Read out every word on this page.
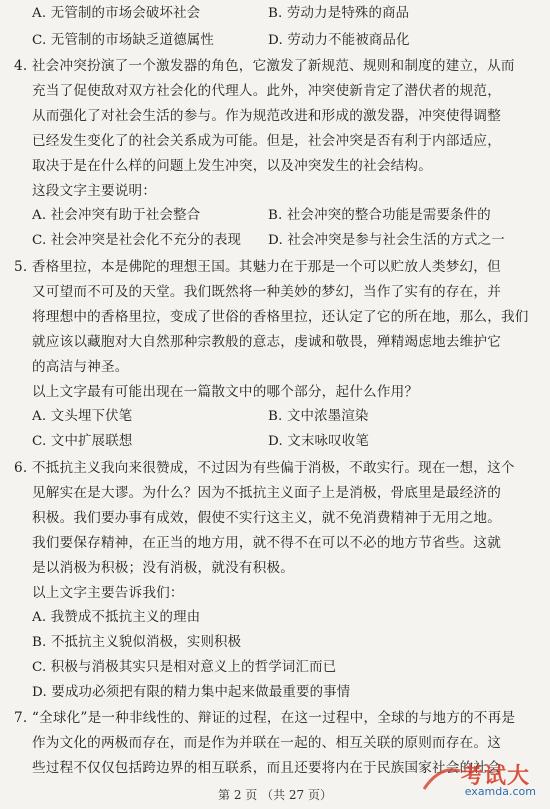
A. 无管制的市场会破坏社会	B. 劳动力是特殊的商品
C. 无管制的市场缺乏道德属性	D. 劳动力不能被商品化
4. 社会冲突扮演了一个激发器的角色，它激发了新规范、规则和制度的建立，从而
充当了促使敌对双方社会化的代理人。此外，冲突使新肯定了潜伏者的规范，
从而强化了对社会生活的参与。作为规范改进和形成的激发器，冲突使得调整
已经发生变化了的社会关系成为可能。但是，社会冲突是否有利于内部适应，
取决于是在什么样的问题上发生冲突，以及冲突发生的社会结构。
这段文字主要说明：
A. 社会冲突有助于社会整合	B. 社会冲突的整合功能是需要条件的
C. 社会冲突是社会化不充分的表现 D. 社会冲突是参与社会生活的方式之一
5. 香格里拉，本是佛陀的理想王国。其魅力在于那是一个可以贮放人类梦幻，但
又可望而不可及的天堂。我们既然将一种美妙的梦幻，当作了实有的存在，并
将理想中的香格里拉，变成了世俗的香格里拉，还认定了它的所在地，那么，我们
就应该以藏胞对大自然那种宗教般的意志，虔诚和敬畏，殚精竭虑地去维护它
的高洁与神圣。
以上文字最有可能出现在一篇散文中的哪个部分，起什么作用？
A. 文头埋下伏笔	B. 文中浓墨渲染
C. 文中扩展联想	D. 文末咏叹收笔
6. 不抵抗主义我向来很赞成，不过因为有些偏于消极，不敢实行。现在一想，这个
见解实在是大谬。为什么？因为不抵抗主义面子上是消极，骨底里是最经济的
积极。我们要办事有成效，假使不实行这主义，就不免消费精神于无用之地。
我们要保存精神，在正当的地方用，就不得不在可以不必的地方节省些。这就
是以消极为积极；没有消极，就没有积极。
以上文字主要告诉我们：
A. 我赞成不抵抗主义的理由
B. 不抵抗主义貌似消极，实则积极
C. 积极与消极其实只是相对意义上的哲学词汇而已
D. 要成功必须把有限的精力集中起来做最重要的事情
7. “全球化”是一种非线性的、辩证的过程，在这一过程中，全球的与地方的不再是
作为文化的两极而存在，而是作为并联在一起的、相互关联的原则而存在。这
些过程不仅仅包括跨边界的相互联系，而且还要将内在于民族国家社会的社会
第 2 页 （共 27 页）
考试大
examda.com
